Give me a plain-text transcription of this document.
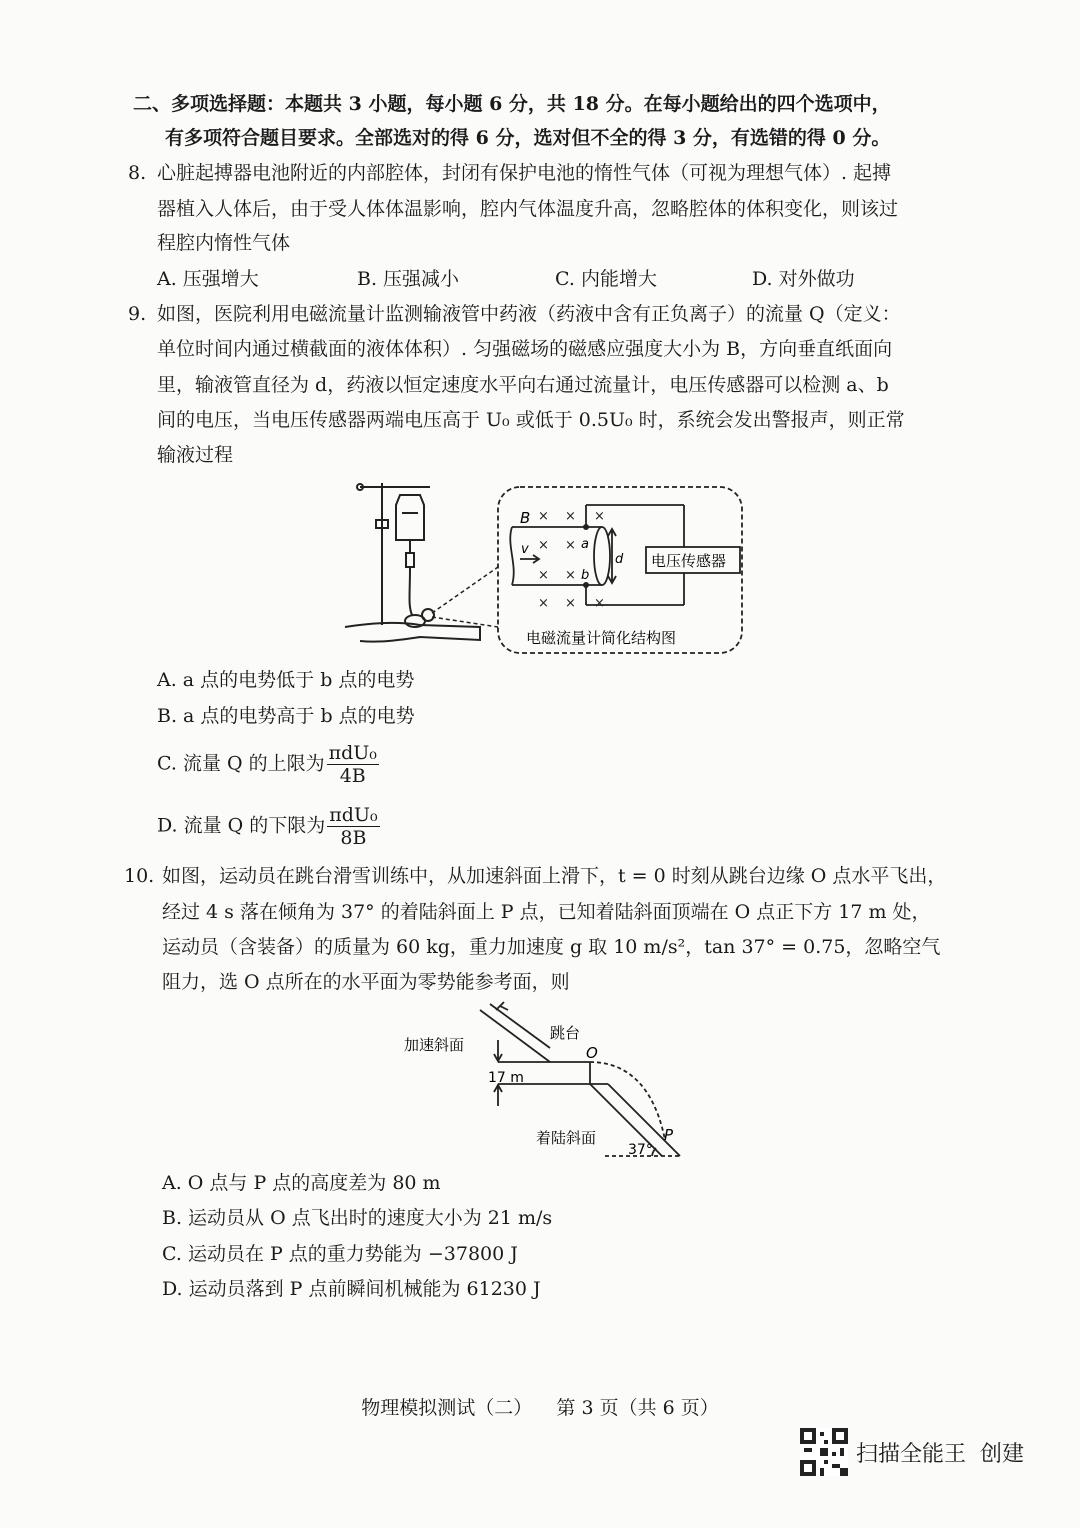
二、多项选择题：本题共 3 小题，每小题 6 分，共 18 分。在每小题给出的四个选项中，
有多项符合题目要求。全部选对的得 6 分，选对但不全的得 3 分，有选错的得 0 分。
8. 心脏起搏器电池附近的内部腔体，封闭有保护电池的惰性气体（可视为理想气体）. 起搏
器植入人体后，由于受人体体温影响，腔内气体温度升高，忽略腔体的体积变化，则该过
程腔内惰性气体
A. 压强增大	B. 压强减小	C. 内能增大	D. 对外做功
9. 如图，医院利用电磁流量计监测输液管中药液（药液中含有正负离子）的流量 Q（定义：
单位时间内通过横截面的液体体积）. 匀强磁场的磁感应强度大小为 B，方向垂直纸面向
里，输液管直径为 d，药液以恒定速度水平向右通过流量计，电压传感器可以检测 a、b
间的电压，当电压传感器两端电压高于 U₀ 或低于 0.5U₀ 时，系统会发出警报声，则正常
输液过程
× × ×
× ×
× ×
× × ×
B
v	a
b
d 电压传感器
电磁流量计简化结构图
A. a 点的电势低于 b 点的电势
B. a 点的电势高于 b 点的电势
C. 流量 Q 的上限为 $\frac{\text{πdU₀}}{4B}$
D. 流量 Q 的下限为 $\frac{\text{πdU₀}}{8B}$
10. 如图，运动员在跳台滑雪训练中，从加速斜面上滑下，t = 0 时刻从跳台边缘 O 点水平飞出，
经过 4 s 落在倾角为 37° 的着陆斜面上 P 点，已知着陆斜面顶端在 O 点正下方 17 m 处，
运动员（含装备）的质量为 60 kg，重力加速度 g 取 10 m/s²，tan 37° = 0.75，忽略空气
阻力，选 O 点所在的水平面为零势能参考面，则
加速斜面
跳台
O
17 m
着陆斜面	P
37°
A. O 点与 P 点的高度差为 80 m
B. 运动员从 O 点飞出时的速度大小为 21 m/s
C. 运动员在 P 点的重力势能为 −37800 J
D. 运动员落到 P 点前瞬间机械能为 61230 J
物理模拟测试（二）    第 3 页（共 6 页）
扫描全能王  创建
